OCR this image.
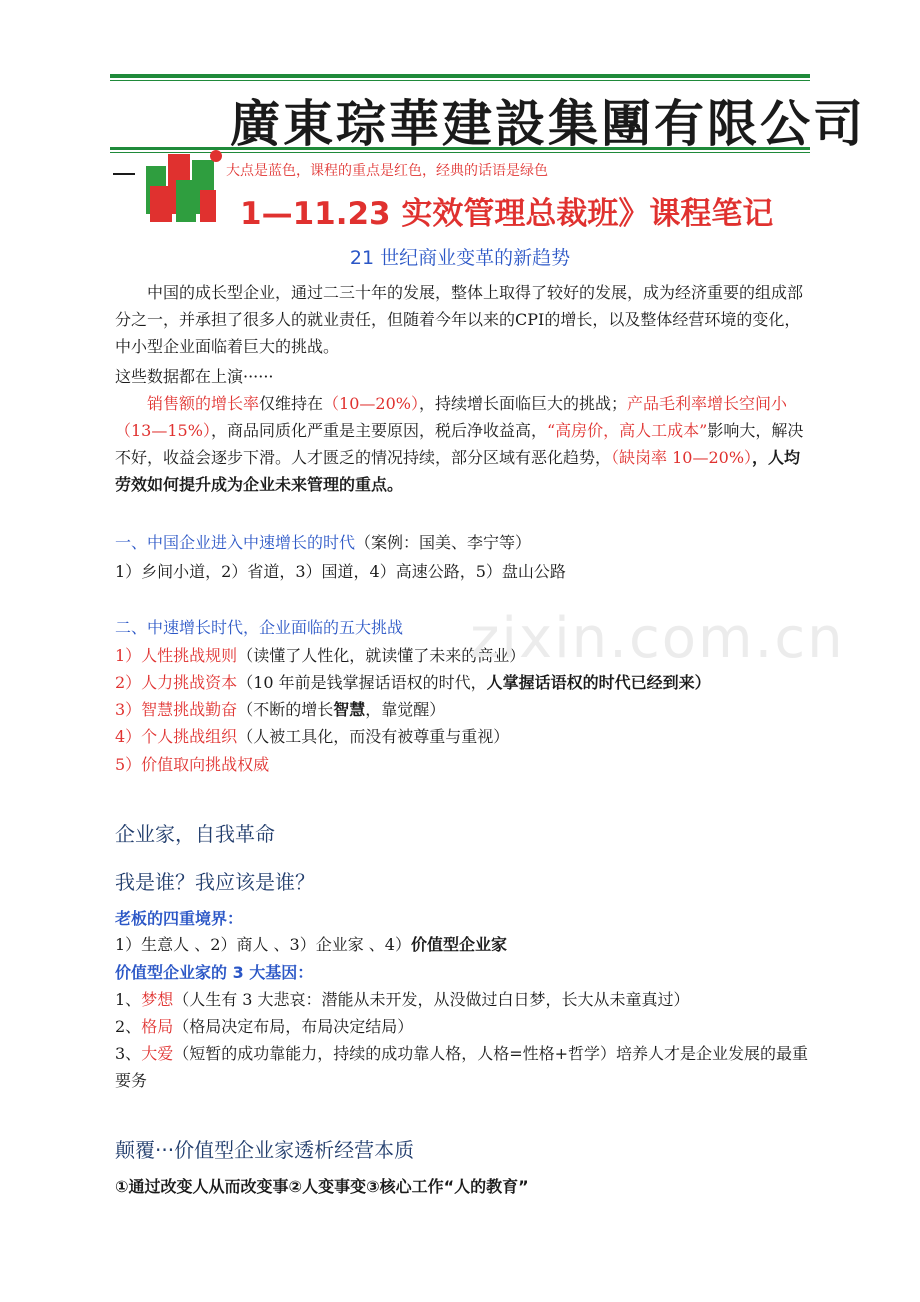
廣東琮華建設集團有限公司
大点是蓝色，课程的重点是红色，经典的话语是绿色
1—11.23 实效管理总裁班》课程笔记
21 世纪商业变革的新趋势
中国的成长型企业，通过二三十年的发展，整体上取得了较好的发展，成为经济重要的组成部分之一，并承担了很多人的就业责任，但随着今年以来的CPI的增长，以及整体经营环境的变化，中小型企业面临着巨大的挑战。
这些数据都在上演······
销售额的增长率仅维持在（10—20%），持续增长面临巨大的挑战；产品毛利率增长空间小（13—15%），商品同质化严重是主要原因，税后净收益高，“高房价，高人工成本”影响大，解决不好，收益会逐步下滑。人才匮乏的情况持续，部分区域有恶化趋势，（缺岗率 10—20%），人均劳效如何提升成为企业未来管理的重点。
一、中国企业进入中速增长的时代（案例：国美、李宁等）
1）乡间小道，2）省道，3）国道，4）高速公路，5）盘山公路
二、中速增长时代，企业面临的五大挑战
1）人性挑战规则（读懂了人性化，就读懂了未来的商业）
2）人力挑战资本（10 年前是钱掌握话语权的时代，人掌握话语权的时代已经到来）
3）智慧挑战勤奋（不断的增长智慧，靠觉醒）
4）个人挑战组织（人被工具化，而没有被尊重与重视）
5）价值取向挑战权威
企业家，自我革命
我是谁？我应该是谁？
老板的四重境界：
1）生意人 、2）商人 、3）企业家 、4）价值型企业家
价值型企业家的 3 大基因：
1、梦想（人生有 3 大悲哀：潜能从未开发，从没做过白日梦，长大从未童真过）
2、格局（格局决定布局，布局决定结局）
3、大爱（短暂的成功靠能力，持续的成功靠人格，人格=性格+哲学）培养人才是企业发展的最重要务
颠覆···价值型企业家透析经营本质
①通过改变人从而改变事②人变事变③核心工作“人的教育”
zixin.com.cn
